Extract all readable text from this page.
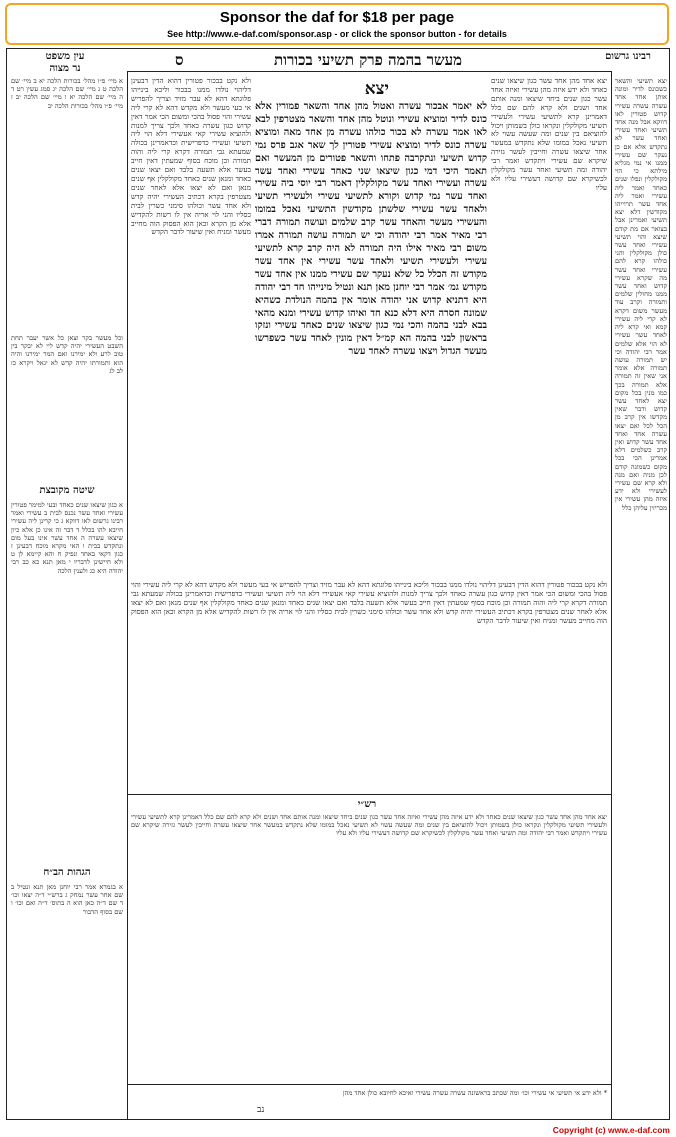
Sponsor the daf for $18 per page
See http://www.e-daf.com/sponsor.asp - or click the sponsor button - for details
עין משפט
נר מצוה	ס	מעשר בהמה פרק תשיעי בכורות	רבינו גרשום
יצא
לא יאמר אבכור עשרה ואטול מהן אחד והשאר פמורין אלא כונס לדיר ומוציא עשירי ונוטל מהן אחד והשאר מצטרפין לבא לאו אמר עשרה לא בכור כולהו עשרה מן אחד מאה ומוציא עשרה כונס לדיר ומוציא עשירי פטורין לך שאר אגב פרס נמי קדוש תשיעי ונתקרבה פתחו והשאר פטורים מן המעשר ואם תאמר היכי דמי כגון שיצאו שני כאחד עשירי ואחד עשר עשרה ועשירי ואחד עשר מקולקלין דאמר רבי יוסי ביה עשירי ואחד עשר נמי קדוש וקורא לתשיעי עשירי ולעשירי תשיעי ולאחד עשר עשירי שלשתן מקודשין התשיעי נאכל במומו והעשירי מעשר והאחד עשר קרב שלמים ועושה תמורה דברי רבי מאיר אמר רבי יהודה וכי יש תמורה עושה תמורה אמרו משום רבי מאיר אילו היה תמורה לא היה קרב קרא לתשיעי עשירי ולעשירי תשיעי ולאחד עשר עשירי אין אחד עשר מקודש זה הכלל כל שלא נעקר שם עשירי ממנו אין אחד עשר מקודש גמ׳ אמר רבי יוחנן מאן תנא ונטיל מינייהו חד רבי יהודה היא דתניא קדוש אני יהודה אומר אין בהמה הנולדת כשהיא שמונה חסרה היא דלא כנא חד ואיהו קדוש עשירי ומנא מהאי בבא לבני בהמה והכי נמי כגון שיצאו שנים כאחד עשירי ונזקו בראשון לבני בהמה הא קמ״ל דאין מונין לאחד עשר כשפרשו מעשר הגדול ויצאו עשרה לאחד עשר
ולא נקט בבכור פטורין דהוא הדין דבעינן דליהוי נולדו ממנו בבכור וליכא בינייהו פלוגתא דהא לא עבר מזיד וצריך להפריש אי בעי מעשר ולא מקדש דהא לא קרי ליה עשירי והוי פסול בהכי ומשום הכי אמר דאין קדוש כגון עשרה כאחד ולכך צריך למנות ולהוציא עשירי קאי אעשירי דלא הוי ליה תשיעי ועשירי כדפרישית וכדאמרינן בכולה שמעתא גבי תמורה דקרא קרי ליה והוה תמורה וכן מוכח בסוף שמעתין דאין חייב בעשר אלא תשעה בלבד ואם יצאו שנים כאחד ומנאן שנים כאחד מקולקלין אף שנים מנאן ואם לא יצאו אלא לאחר שנים מצטרפין בקרא דכתיב העשירי יהיה קדש ולא אחד עשר וכולהו סימני כשרין לבית כסליו והני לוי אריה אין לו רשות להקדיש אלא מן הקרא וכאן הוא הפסוק הוה מחייב מעשר ומניח ואין שיעור לדבר הקדש
יצא אחד מהן אחד עשר כגון שיצאו שנים כאחד ולא ידע איזה מהן עשירי ואיזה אחד עשר כגון שנים ביחד שיצאו ומנה אותם אחד ושנים ולא קרא להם שם כלל דאמרינן קרא לתשיעי עשירי ולעשירי תשיעי מקולקלין ונקראו כולן בשמותן ויכול להוציאם בין שנים ומה שעשה עשוי לא תשיעי נאכל במומו שלא נתקדש במעשר אחר שיצאו עשרה וחייבין לעשר גזירה שיקרא שם עשירי ויתקדש ואמר רבי יהודה ומה תשיעי ואחד עשר מקולקלין לכשיקרא שם קדושה דעשירי עליו ולא עליו
ולא נקט בבכור פטורין דהוא הדין דבעינן דליהוי נולדו ממנו בבכור וליכא בינייהו פלוגתא דהא לא עבר מזיד וצריך להפריש אי בעי מעשר ולא מקדש דהא לא קרי ליה עשירי והוי פסול בהכי ומשום הכי אמר דאין קדוש כגון עשרה כאחד ולכך צריך למנות ולהוציא עשירי קאי אעשירי דלא הוי ליה תשיעי ועשירי כדפרישית וכדאמרינן בכולה שמעתא גבי תמורה דקרא קרי ליה והוה תמורה וכן מוכח בסוף שמעתין דאין חייב בעשר אלא תשעה בלבד ואם יצאו שנים כאחד ומנאן שנים כאחד מקולקלין אף שנים מנאן ואם לא יצאו אלא לאחר שנים מצטרפין בקרא דכתיב העשירי יהיה קדש ולא אחד עשר וכולהו סימני כשרין לבית כסליו והני לוי אריה אין לו רשות להקדיש אלא מן הקרא וכאן הוא הפסוק הוה מחייב מעשר ומניח ואין שיעור לדבר הקדש
רש״י
יצא אחד מהן אחד עשר כגון שיצאו שנים כאחד ולא ידע איזה מהן עשירי ואיזה אחד עשר כגון שנים ביחד שיצאו ומנה אותם אחד ושנים ולא קרא להם שם כלל דאמרינן קרא לתשיעי עשירי ולעשירי תשיעי מקולקלין ונקראו כולן בשמותן ויכול להוציאם בין שנים ומה שעשה עשוי לא תשיעי נאכל במומו שלא נתקדש במעשר אחר שיצאו עשרה וחייבין לעשר גזירה שיקרא שם עשירי ויתקדש ואמר רבי יהודה ומה תשיעי ואחד עשר מקולקלין לכשיקרא שם קדושה דעשירי עליו ולא עליו
* ולא ידע אי תשיעי אי עשירי וכו׳ ומה שכתב בראשונה עשרה עשרה עשירי ואיכא לחיובא כולן אחד מהן
נב
א מיי׳ פ״ו מהל׳ בכורות הלכה יא ב מיי׳ שם הלכה ט ג מיי׳ שם הלכה יג סמג עשין רט ד ה מיי׳ שם הלכה יא ו מיי׳ שם הלכה יב ז מיי׳ פ״ו מהל׳ בכורות הלכה יב
וכל מעשר בקר וצאן כל אשר יעבר תחת השבט העשירי יהיה קדש ליי לא יבקר בין טוב לרע ולא ימירנו ואם המר ימירנו והיה הוא ותמורתו יהיה קדש לא יגאל ויקרא כז לב לג
שיטה מקובצת
א כגון שיצאו שנים כאחד ובעי למימר פטורין עשירי ואחד עשר נכנס לבית ב עשירי ואמר רבינו גרשום לאו דווקא ג כי קרינן ליה עשירי חייבא להו בכלל ד דבר זה אינו כן אלא כיון שיצאו עשרה ה אחד עשר אינו בעל מום ונתקדש בבית ו האי מקרא מוכח דבעינן ז כגון דקאי באחד ונפיק ח והא קיימא לן ט ולא חיישינן לדבריו י מאן תנא כא כב רבי יהודה היא כג ולענין הלכה
הגהות הב״ח
א בגמרא אמר רבי יוחנן מאן תנא ונטיל ב שם אחר עשר נמחק ג ברש״י ד״ה יצאו וכו׳ ד שם ד״ה כאן הוא ה בתוס׳ ד״ה ואם וכו׳ ו שם בסוף הדבור
יצא תשיעי והשאר כשכונס לדיר ומונה אותן אחד אחד עשרה עשרה עשירי קדוש פטורין לאו דווקא אבל מנה אחד תשיעי ואחד עשירי ואחד עשר לא נתקדש אלא אם כן נעקר שם עשירי ממנו אי נמי מגליא מילתא כי הוי מקולקלין ונפלו שנים כאחד ואמר ליה עשירי ואמר ליה אחד עשר תרוייהו מקודשין דלא יצא תשיעי ואמרינן אבל בצואר אם מת קודם שיצא והוי תשיעי עשירי ואחד עשר כולן מקולקלין והני כולהו קרא להם עשירי ואחד עשר מה שקרא עשירי קדוש ואחד עשר ממנו מחולין שלמים ותמורה וקרב עוד מעשר משום דקרא לא קרי ליה עשירי קמא ואי קרא ליה לאחד עשר עשירי לא הוי אלא שלמים אמר רבי יהודה וכי יש תמורה עושה תמורה אלא אומר אני שאין זה תמורה אלא תמורה בכך כמו מנין בכל מקום יצא לאחד עשר קדוש ודבר שאין מקדשו אין קרב מן הכל לכל ואם יצאו עשרה אחד ואחד אחד עשר קדוש ואין קרב כשלמים דלא אמרינן הכי בכל מקום כשמונה קודם לכן מניה ואם מנה ולא קרא שם עשירי לעשירי ולא ידע איזה מהן עשירי אין מכריזין עליהן כלל
Copyright (c) www.e-daf.com
